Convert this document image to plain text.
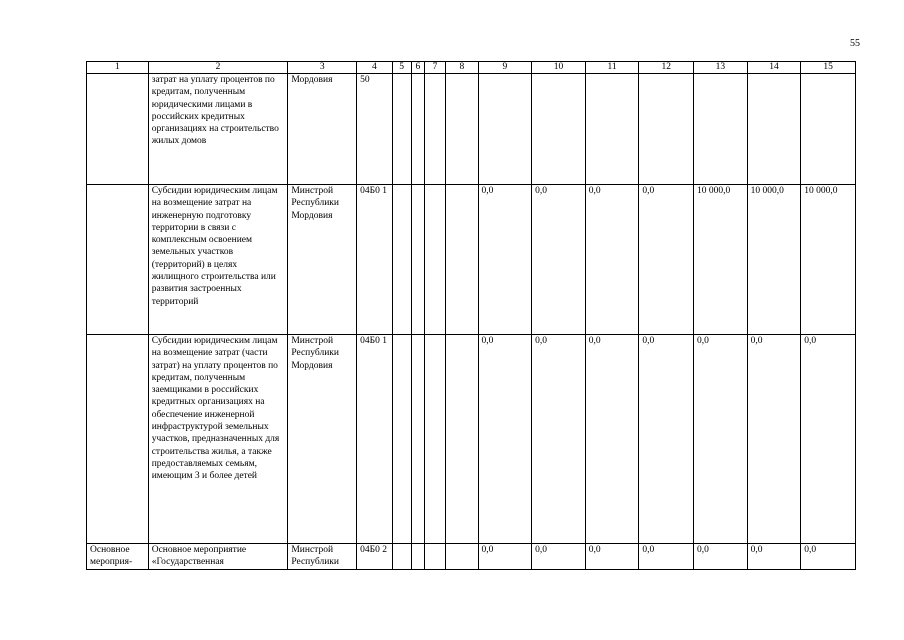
55
1	2	3	4	5	6	7	8	9	10	11	12	13	14	15
	затрат на уплату процентов по кредитам, полученным юридическими лицами в российских кредитных организациях на строительство жилых домов	Мордовия	50											
	Субсидии юридическим лицам на возмещение затрат на инженерную подготовку территории в связи с комплексным освоением земельных участков (территорий) в целях жилищного строительства или развития застроенных территорий	Минстрой Республики Мордовия	04Б0 1					0,0	0,0	0,0	0,0	10 000,0	10 000,0	10 000,0
	Субсидии юридическим лицам на возмещение затрат (части затрат) на уплату процентов по кредитам, полученным заемщиками в российских кредитных организациях на обеспечение инженерной инфраструктурой земельных участков, предназначенных для строительства жилья, а также предоставляемых семьям, имеющим 3 и более детей	Минстрой Республики Мордовия	04Б0 1					0,0	0,0	0,0	0,0	0,0	0,0	0,0
Основное мероприя-	Основное мероприятие «Государственная	Минстрой Республики	04Б0 2					0,0	0,0	0,0	0,0	0,0	0,0	0,0
